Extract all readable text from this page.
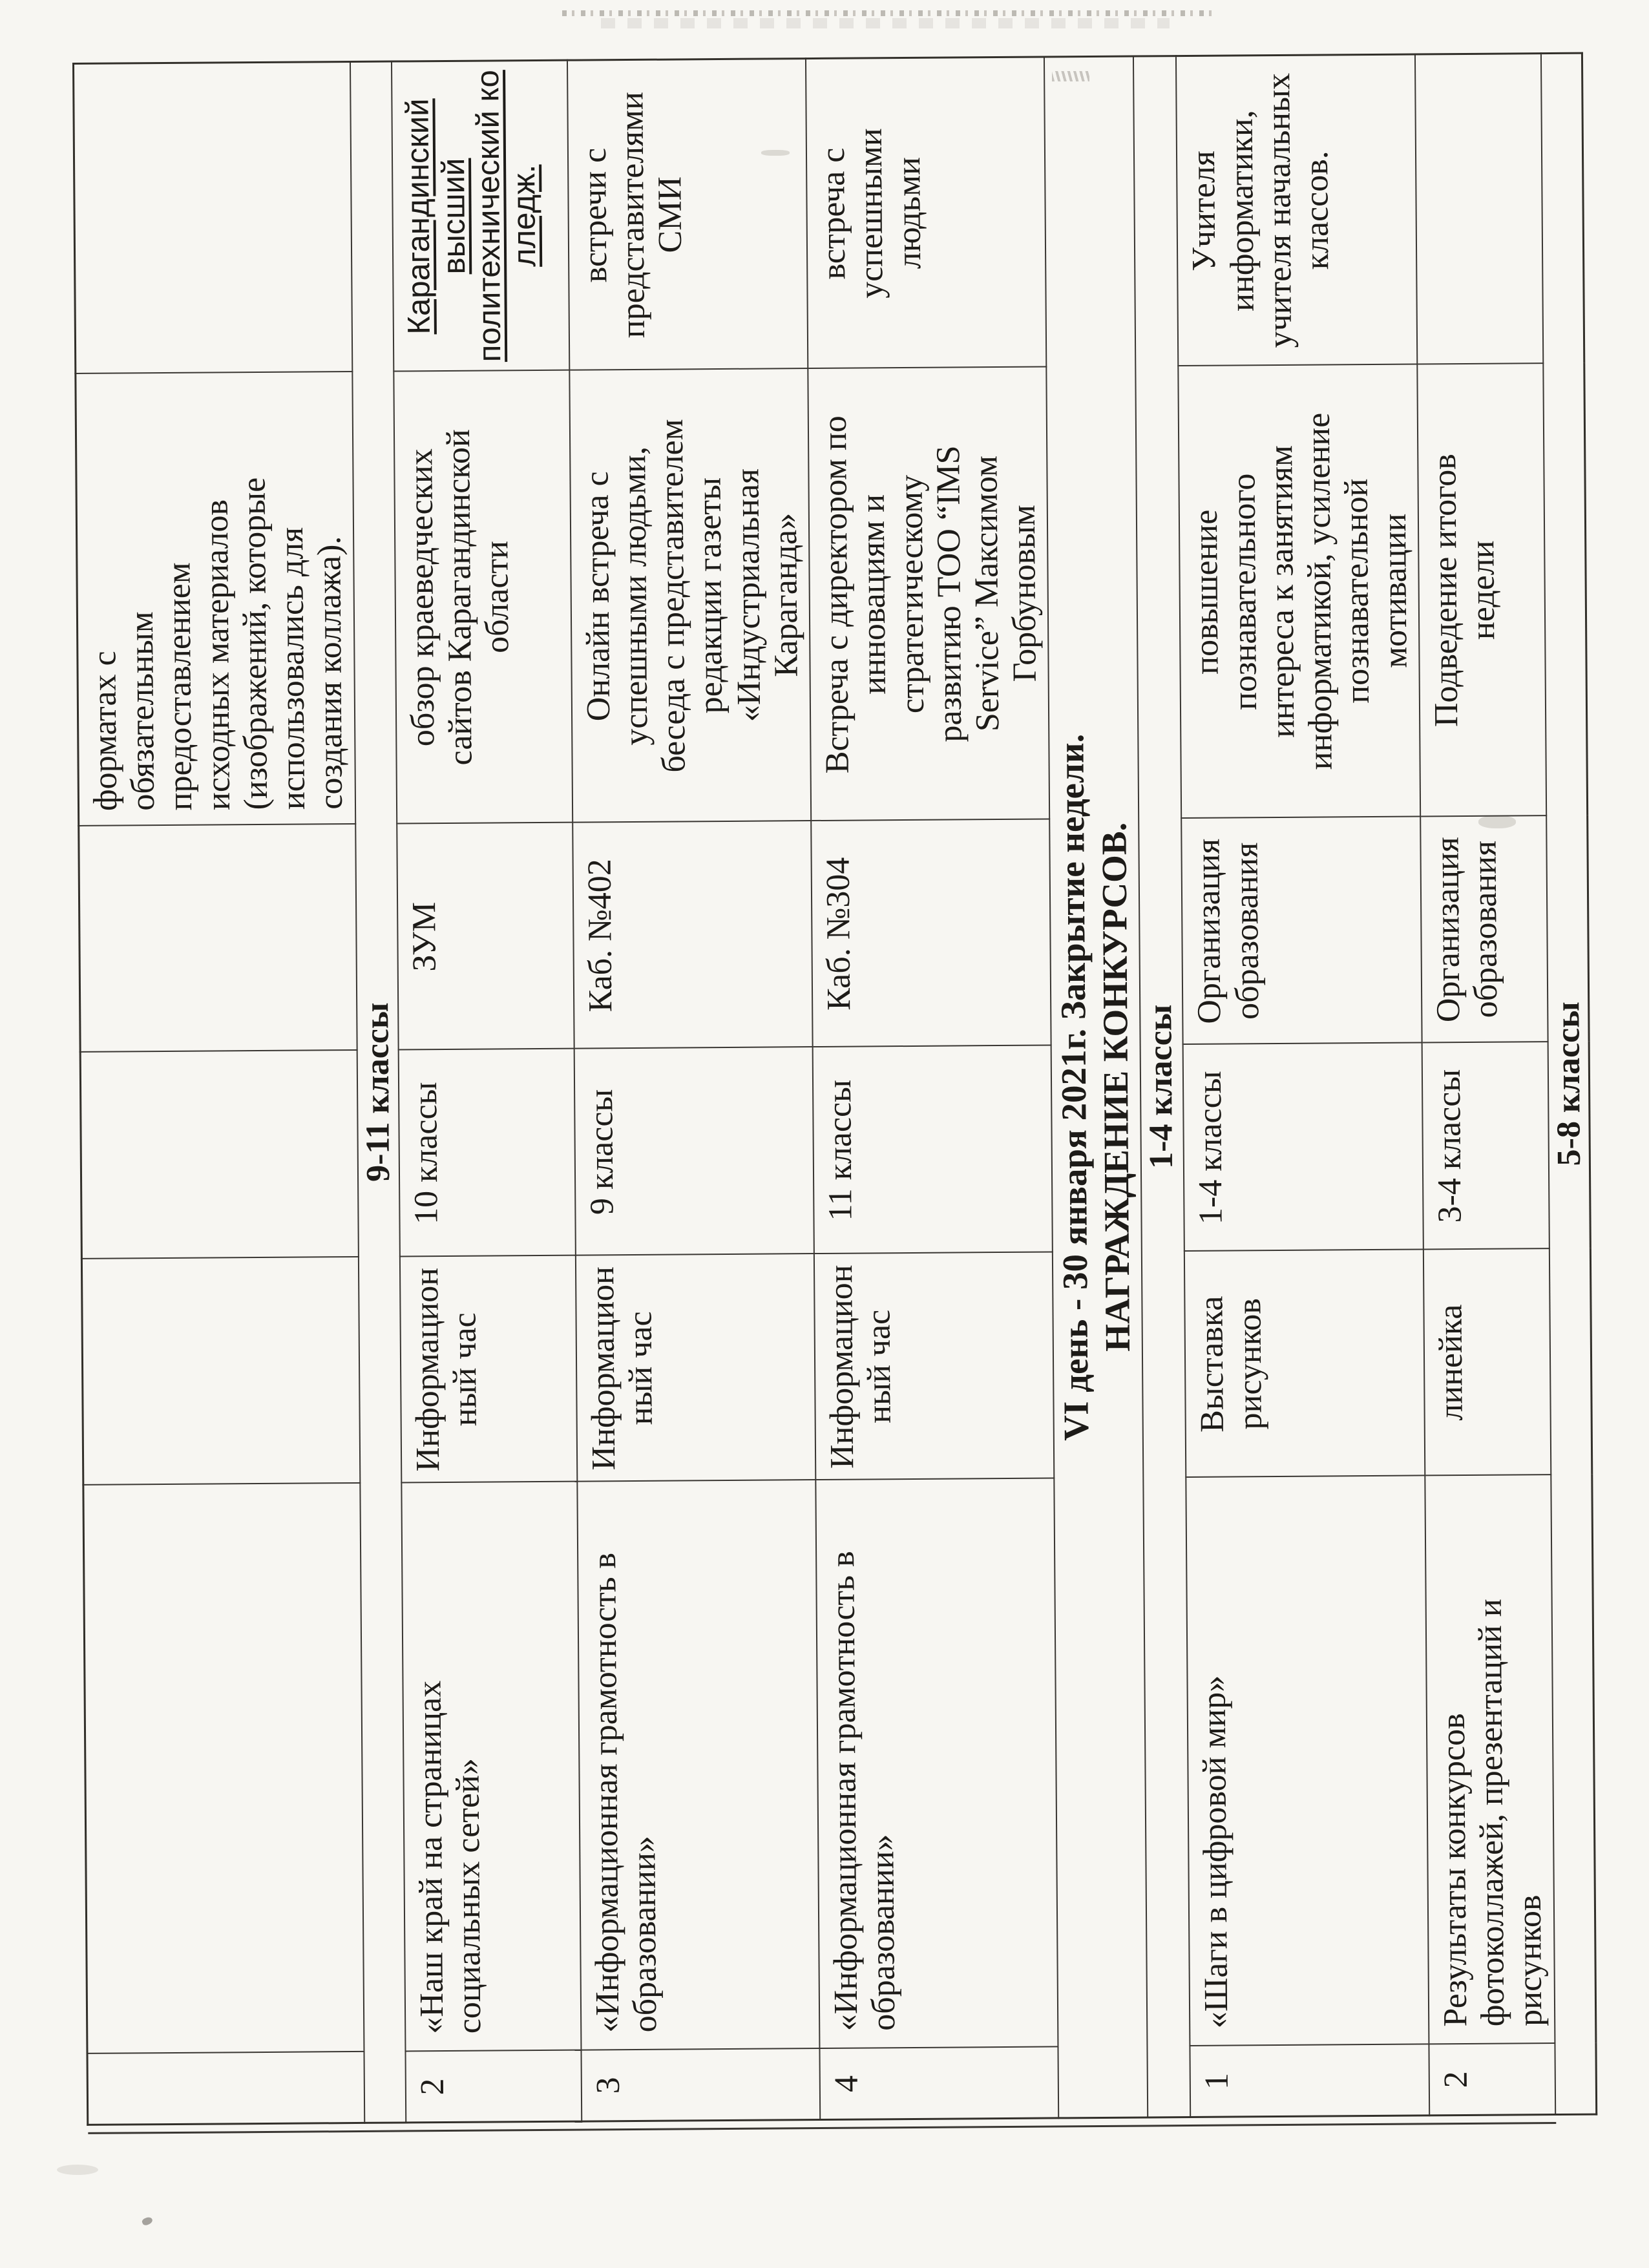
					форматах с
обязательным
предоставлением
исходных материалов
(изображений, которые
использовались для
создания коллажа).	
9-11 классы						
2	«Наш край на страницах
социальных сетей»	Информацион
ный час	10 классы	ЗУМ	обзор краеведческих
сайтов Карагандинской
области	Карагандинский
высший
политехнический ко
лледж.
3	«Информационная грамотность в
образовании»	Информацион
ный час	9 классы	Каб. №402	Онлайн встреча с
успешными людьми,
беседа с представителем
редакции газеты
«Индустриальная
Караганда»	встречи с
представителями
СМИ
4	«Информационная грамотность в
образовании»	Информацион
ный час	11 классы	Каб. №304	Встреча с директором по
инновациям и
стратегическому
развитию ТОО “IMS
Service” Максимом
Горбуновым	встреча с
успешными
людьми
VI день - 30 января 2021г. Закрытие недели.
НАГРАЖДЕНИЕ КОНКУРСОВ.						
1-4 классы						
1	«Шаги в цифровой мир»	Выставка
рисунков	1-4 классы	Организация
образования	повышение
познавательного
интереса к занятиям
информатикой, усиление
познавательной
мотивации	Учителя
информатики,
учителя начальных
классов.
2	Результаты конкурсов
фотоколлажей, презентаций и
рисунков	линейка	3-4 классы	Организация
образования	Подведение итогов
недели	
5-8 классы						
